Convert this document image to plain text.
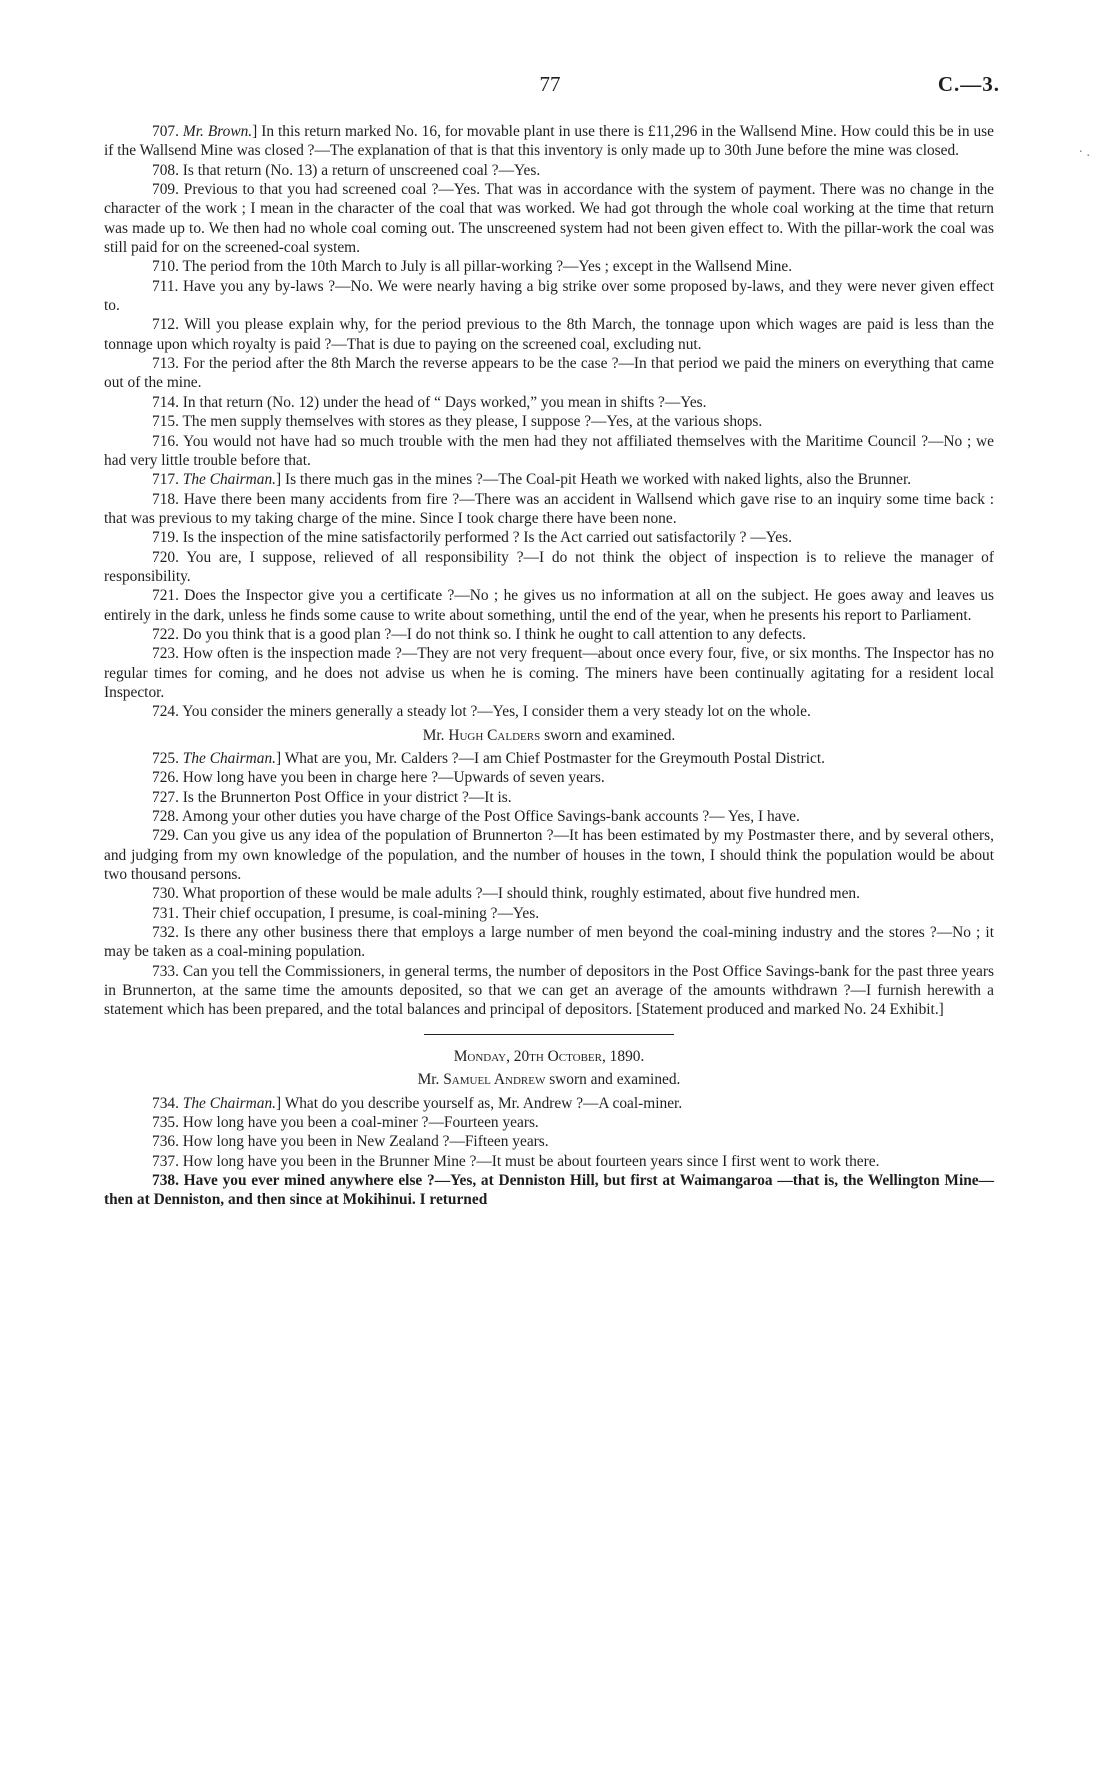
77	C.—3.
· .

707. Mr. Brown.] In this return marked No. 16, for movable plant in use there is £11,296 in the Wallsend Mine. How could this be in use if the Wallsend Mine was closed ?—The explanation of that is that this inventory is only made up to 30th June before the mine was closed.

708. Is that return (No. 13) a return of unscreened coal ?—Yes.

709. Previous to that you had screened coal ?—Yes. That was in accordance with the system of payment. There was no change in the character of the work ; I mean in the character of the coal that was worked. We had got through the whole coal working at the time that return was made up to. We then had no whole coal coming out. The unscreened system had not been given effect to. With the pillar-work the coal was still paid for on the screened-coal system.

710. The period from the 10th March to July is all pillar-working ?—Yes ; except in the Wallsend Mine.

711. Have you any by-laws ?—No. We were nearly having a big strike over some proposed by-laws, and they were never given effect to.

712. Will you please explain why, for the period previous to the 8th March, the tonnage upon which wages are paid is less than the tonnage upon which royalty is paid ?—That is due to paying on the screened coal, excluding nut.

713. For the period after the 8th March the reverse appears to be the case ?—In that period we paid the miners on everything that came out of the mine.

714. In that return (No. 12) under the head of “ Days worked,” you mean in shifts ?—Yes.

715. The men supply themselves with stores as they please, I suppose ?—Yes, at the various shops.

716. You would not have had so much trouble with the men had they not affiliated themselves with the Maritime Council ?—No ; we had very little trouble before that.

717. The Chairman.] Is there much gas in the mines ?—The Coal-pit Heath we worked with naked lights, also the Brunner.

718. Have there been many accidents from fire ?—There was an accident in Wallsend which gave rise to an inquiry some time back : that was previous to my taking charge of the mine. Since I took charge there have been none.

719. Is the inspection of the mine satisfactorily performed ? Is the Act carried out satisfactorily ? —Yes.

720. You are, I suppose, relieved of all responsibility ?—I do not think the object of inspection is to relieve the manager of responsibility.

721. Does the Inspector give you a certificate ?—No ; he gives us no information at all on the subject. He goes away and leaves us entirely in the dark, unless he finds some cause to write about something, until the end of the year, when he presents his report to Parliament.

722. Do you think that is a good plan ?—I do not think so. I think he ought to call attention to any defects.

723. How often is the inspection made ?—They are not very frequent—about once every four, five, or six months. The Inspector has no regular times for coming, and he does not advise us when he is coming. The miners have been continually agitating for a resident local Inspector.

724. You consider the miners generally a steady lot ?—Yes, I consider them a very steady lot on the whole.

Mr. Hugh Calders sworn and examined.

725. The Chairman.] What are you, Mr. Calders ?—I am Chief Postmaster for the Greymouth Postal District.

726. How long have you been in charge here ?—Upwards of seven years.

727. Is the Brunnerton Post Office in your district ?—It is.

728. Among your other duties you have charge of the Post Office Savings-bank accounts ?— Yes, I have.

729. Can you give us any idea of the population of Brunnerton ?—It has been estimated by my Postmaster there, and by several others, and judging from my own knowledge of the population, and the number of houses in the town, I should think the population would be about two thousand persons.

730. What proportion of these would be male adults ?—I should think, roughly estimated, about five hundred men.

731. Their chief occupation, I presume, is coal-mining ?—Yes.

732. Is there any other business there that employs a large number of men beyond the coal-mining industry and the stores ?—No ; it may be taken as a coal-mining population.

733. Can you tell the Commissioners, in general terms, the number of depositors in the Post Office Savings-bank for the past three years in Brunnerton, at the same time the amounts deposited, so that we can get an average of the amounts withdrawn ?—I furnish herewith a statement which has been prepared, and the total balances and principal of depositors. [Statement produced and marked No. 24 Exhibit.]

Monday, 20th October, 1890.

Mr. Samuel Andrew sworn and examined.

734. The Chairman.] What do you describe yourself as, Mr. Andrew ?—A coal-miner.

735. How long have you been a coal-miner ?—Fourteen years.

736. How long have you been in New Zealand ?—Fifteen years.

737. How long have you been in the Brunner Mine ?—It must be about fourteen years since I first went to work there.

738. Have you ever mined anywhere else ?—Yes, at Denniston Hill, but first at Waimangaroa —that is, the Wellington Mine—then at Denniston, and then since at Mokihinui. I returned
